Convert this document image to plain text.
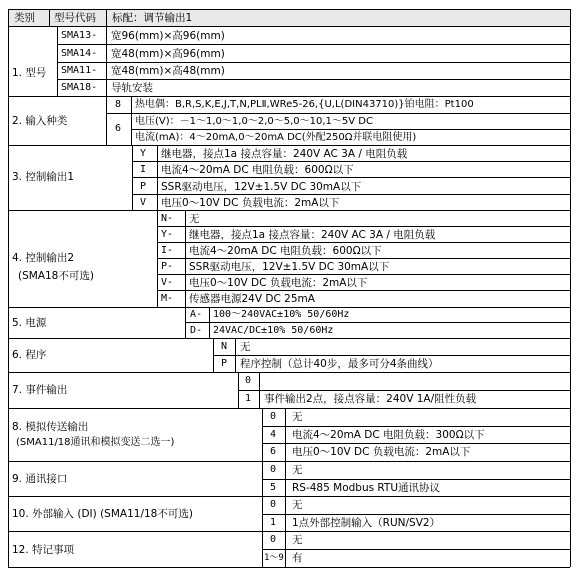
类别 型号代码 标配：调节输出1
1. 型号
SMA13- 宽96(mm)×高96(mm)
SMA14- 宽48(mm)×高96(mm)
SMA11- 宽48(mm)×高48(mm)
SMA18- 导轨安装
2. 输入种类
8 热电偶：B,R,S,K,E,J,T,N,PLⅡ,WRe5-26,{U,L(DIN43710)}铂电阻：Pt100
6
电压(V)：－1～1,0～1,0～2,0～5,0～10,1～5V DC
电流(mA)：4～20mA,0～20mA DC(外配250Ω并联电阻使用)
3. 控制输出1
Y 继电器，接点1a 接点容量：240V AC 3A / 电阻负载
I 电流4～20mA DC 电阻负载：600Ω以下
P SSR驱动电压，12V±1.5V DC 30mA以下
V 电压0～10V DC 负载电流：2mA以下
4. 控制输出2
(SMA18不可选)
N- 无
Y- 继电器，接点1a 接点容量：240V AC 3A / 电阻负载
I- 电流4～20mA DC 电阻负载：600Ω以下
P- SSR驱动电压，12V±1.5V DC 30mA以下
V- 电压0～10V DC 负载电流：2mA以下
M- 传感器电源24V DC 25mA
5. 电源
A- 100～240VAC±10% 50/60Hz
D- 24VAC/DC±10% 50/60Hz
6. 程序
N 无
P 程序控制（总计40步，最多可分4条曲线）
7. 事件输出
0
1 事件输出2点，接点容量：240V 1A/阻性负载
8. 模拟传送输出
(SMA11/18通讯和模拟变送二选一)
0 无
4 电流4～20mA DC 电阻负载：300Ω以下
6 电压0～10V DC 负载电流：2mA以下
9. 通讯接口
0 无
5 RS-485 Modbus RTU通讯协议
10. 外部输入 (DI) (SMA11/18不可选)
0 无
1 1点外部控制输入（RUN/SV2）
12. 特记事项
0 无
1～9 有
